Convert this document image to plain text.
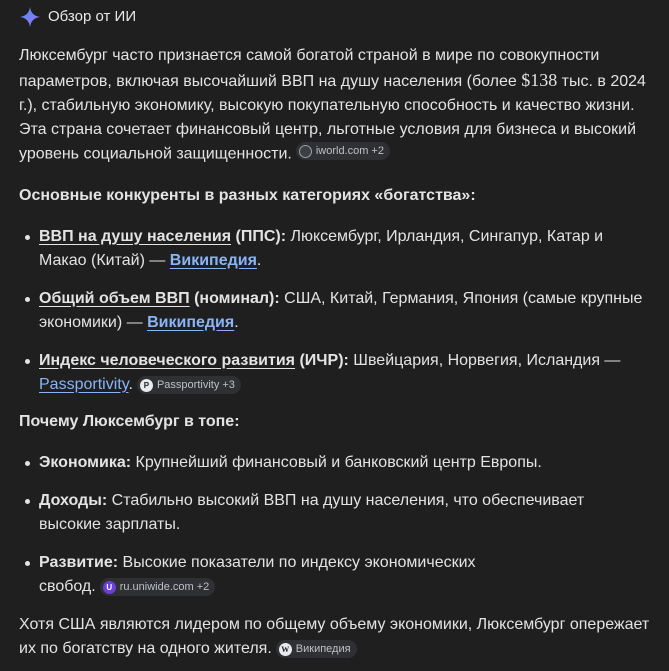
Обзор от ИИ

Люксембург часто признается самой богатой страной в мире по совокупности параметров, включая высочайший ВВП на душу населения (более $138 тыс. в 2024 г.), стабильную экономику, высокую покупательную способность и качество жизни. Эта страна сочетает финансовый центр, льготные условия для бизнеса и высокий уровень социальной защищенности. iworld.com +2

Основные конкуренты в разных категориях «богатства»:

ВВП на душу населения (ППС): Люксембург, Ирландия, Сингапур, Катар и Макао (Китай) — Википедия.
Общий объем ВВП (номинал): США, Китай, Германия, Япония (самые крупные экономики) — Википедия.
Индекс человеческого развития (ИЧР): Швейцария, Норвегия, Исландия — Passportivity.	P Passportivity +3

Почему Люксембург в топе:

Экономика: Крупнейший финансовый и банковский центр Европы.
Доходы: Стабильно высокий ВВП на душу населения, что обеспечивает высокие зарплаты.
Развитие: Высокие показатели по индексу экономических свобод.	U ru.uniwide.com +2

Хотя США являются лидером по общему объему экономики, Люксембург опережает их по богатству на одного жителя.	W Википедия
